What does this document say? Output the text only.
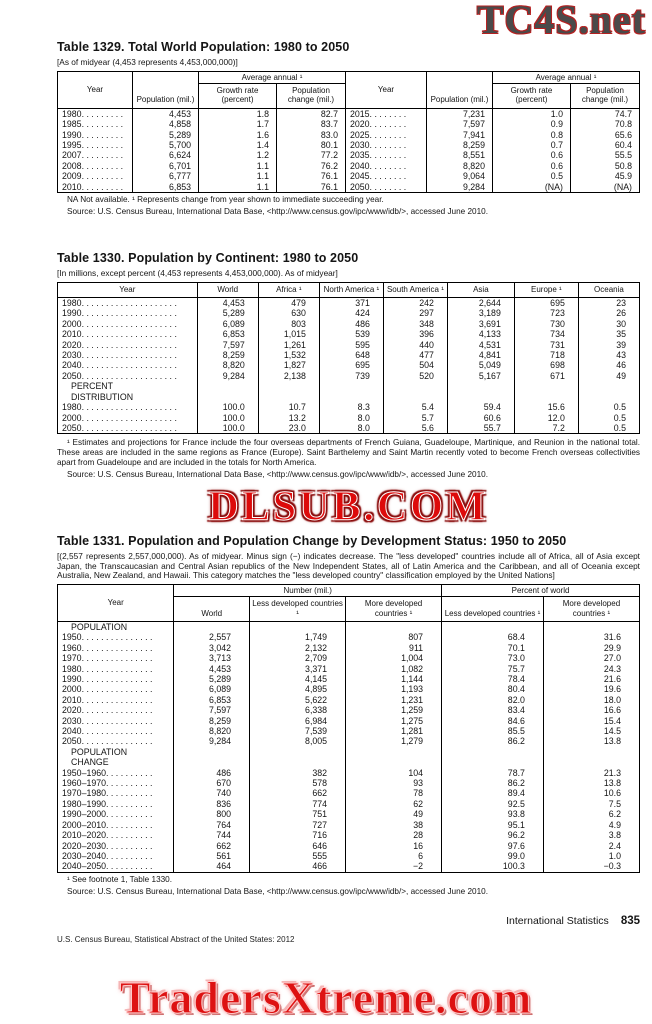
TC4S.net
Table 1329. Total World Population: 1980 to 2050

[As of midyear (4,453 represents 4,453,000,000)]

Year	Population (mil.)	Average annual ¹		Year	Population (mil.)	Average annual ¹	
		Growth rate (percent)	Population change (mil.)			Growth rate (percent)	Population change (mil.)
1980. . . . . . . . .	4,453	1.8	82.7	2015. . . . . . . .	7,231	1.0	74.7
1985. . . . . . . . .	4,858	1.7	83.7	2020. . . . . . . .	7,597	0.9	70.8
1990. . . . . . . . .	5,289	1.6	83.0	2025. . . . . . . .	7,941	0.8	65.6
1995. . . . . . . . .	5,700	1.4	80.1	2030. . . . . . . .	8,259	0.7	60.4
2007. . . . . . . . .	6,624	1.2	77.2	2035. . . . . . . .	8,551	0.6	55.5
2008. . . . . . . . .	6,701	1.1	76.2	2040. . . . . . . .	8,820	0.6	50.8
2009. . . . . . . . .	6,777	1.1	76.1	2045. . . . . . . .	9,064	0.5	45.9
2010. . . . . . . . .	6,853	1.1	76.1	2050. . . . . . . .	9,284	(NA)	(NA)

NA Not available. ¹ Represents change from year shown to immediate succeeding year.

Source: U.S. Census Bureau, International Data Base, <http://www.census.gov/ipc/www/idb/>, accessed June 2010.

Table 1330. Population by Continent: 1980 to 2050

[In millions, except percent (4,453 represents 4,453,000,000). As of midyear]

Year	World	Africa ¹	North America ¹	South America ¹	Asia	Europe ¹	Oceania
1980. . . . . . . . . . . . . . . . . . . .	4,453	479	371	242	2,644	695	23
1990. . . . . . . . . . . . . . . . . . . .	5,289	630	424	297	3,189	723	26
2000. . . . . . . . . . . . . . . . . . . .	6,089	803	486	348	3,691	730	30
2010. . . . . . . . . . . . . . . . . . . .	6,853	1,015	539	396	4,133	734	35
2020. . . . . . . . . . . . . . . . . . . .	7,597	1,261	595	440	4,531	731	39
2030. . . . . . . . . . . . . . . . . . . .	8,259	1,532	648	477	4,841	718	43
2040. . . . . . . . . . . . . . . . . . . .	8,820	1,827	695	504	5,049	698	46
2050. . . . . . . . . . . . . . . . . . . .	9,284	2,138	739	520	5,167	671	49
PERCENT DISTRIBUTION							
1980. . . . . . . . . . . . . . . . . . . .	100.0	10.7	8.3	5.4	59.4	15.6	0.5
2000. . . . . . . . . . . . . . . . . . . .	100.0	13.2	8.0	5.7	60.6	12.0	0.5
2050. . . . . . . . . . . . . . . . . . . .	100.0	23.0	8.0	5.6	55.7	7.2	0.5

¹ Estimates and projections for France include the four overseas departments of French Guiana, Guadeloupe, Martinique, and Reunion in the national total. These areas are included in the same regions as France (Europe). Saint Barthelemy and Saint Martin recently voted to become French overseas collectivities apart from Guadeloupe and are included in the totals for North America.

Source: U.S. Census Bureau, International Data Base, <http://www.census.gov/ipc/www/idb/>, accessed June 2010.

DLSUB.COM
Table 1331. Population and Population Change by Development Status: 1950 to 2050

[(2,557 represents 2,557,000,000). As of midyear. Minus sign (−) indicates decrease. The "less developed" countries include all of Africa, all of Asia except Japan, the Transcaucasian and Central Asian republics of the New Independent States, all of Latin America and the Caribbean, and all of Oceania except Australia, New Zealand, and Hawaii. This category matches the "less developed country" classification employed by the United Nations]

Year	Number (mil.)			Percent of world	
	World	Less developed countries ¹	More developed countries ¹	Less developed countries ¹	More developed countries ¹
POPULATION					
1950. . . . . . . . . . . . . . .	2,557	1,749	807	68.4	31.6
1960. . . . . . . . . . . . . . .	3,042	2,132	911	70.1	29.9
1970. . . . . . . . . . . . . . .	3,713	2,709	1,004	73.0	27.0
1980. . . . . . . . . . . . . . .	4,453	3,371	1,082	75.7	24.3
1990. . . . . . . . . . . . . . .	5,289	4,145	1,144	78.4	21.6
2000. . . . . . . . . . . . . . .	6,089	4,895	1,193	80.4	19.6
2010. . . . . . . . . . . . . . .	6,853	5,622	1,231	82.0	18.0
2020. . . . . . . . . . . . . . .	7,597	6,338	1,259	83.4	16.6
2030. . . . . . . . . . . . . . .	8,259	6,984	1,275	84.6	15.4
2040. . . . . . . . . . . . . . .	8,820	7,539	1,281	85.5	14.5
2050. . . . . . . . . . . . . . .	9,284	8,005	1,279	86.2	13.8
POPULATION CHANGE					
1950–1960. . . . . . . . . .	486	382	104	78.7	21.3
1960–1970. . . . . . . . . .	670	578	93	86.2	13.8
1970–1980. . . . . . . . . .	740	662	78	89.4	10.6
1980–1990. . . . . . . . . .	836	774	62	92.5	7.5
1990–2000. . . . . . . . . .	800	751	49	93.8	6.2
2000–2010. . . . . . . . . .	764	727	38	95.1	4.9
2010–2020. . . . . . . . . .	744	716	28	96.2	3.8
2020–2030. . . . . . . . . .	662	646	16	97.6	2.4
2030–2040. . . . . . . . . .	561	555	6	99.0	1.0
2040–2050. . . . . . . . . .	464	466	−2	100.3	−0.3

¹ See footnote 1, Table 1330.

Source: U.S. Census Bureau, International Data Base, <http://www.census.gov/ipc/www/idb/>, accessed June 2010.

International Statistics 835
U.S. Census Bureau, Statistical Abstract of the United States: 2012
TradersXtreme.com
